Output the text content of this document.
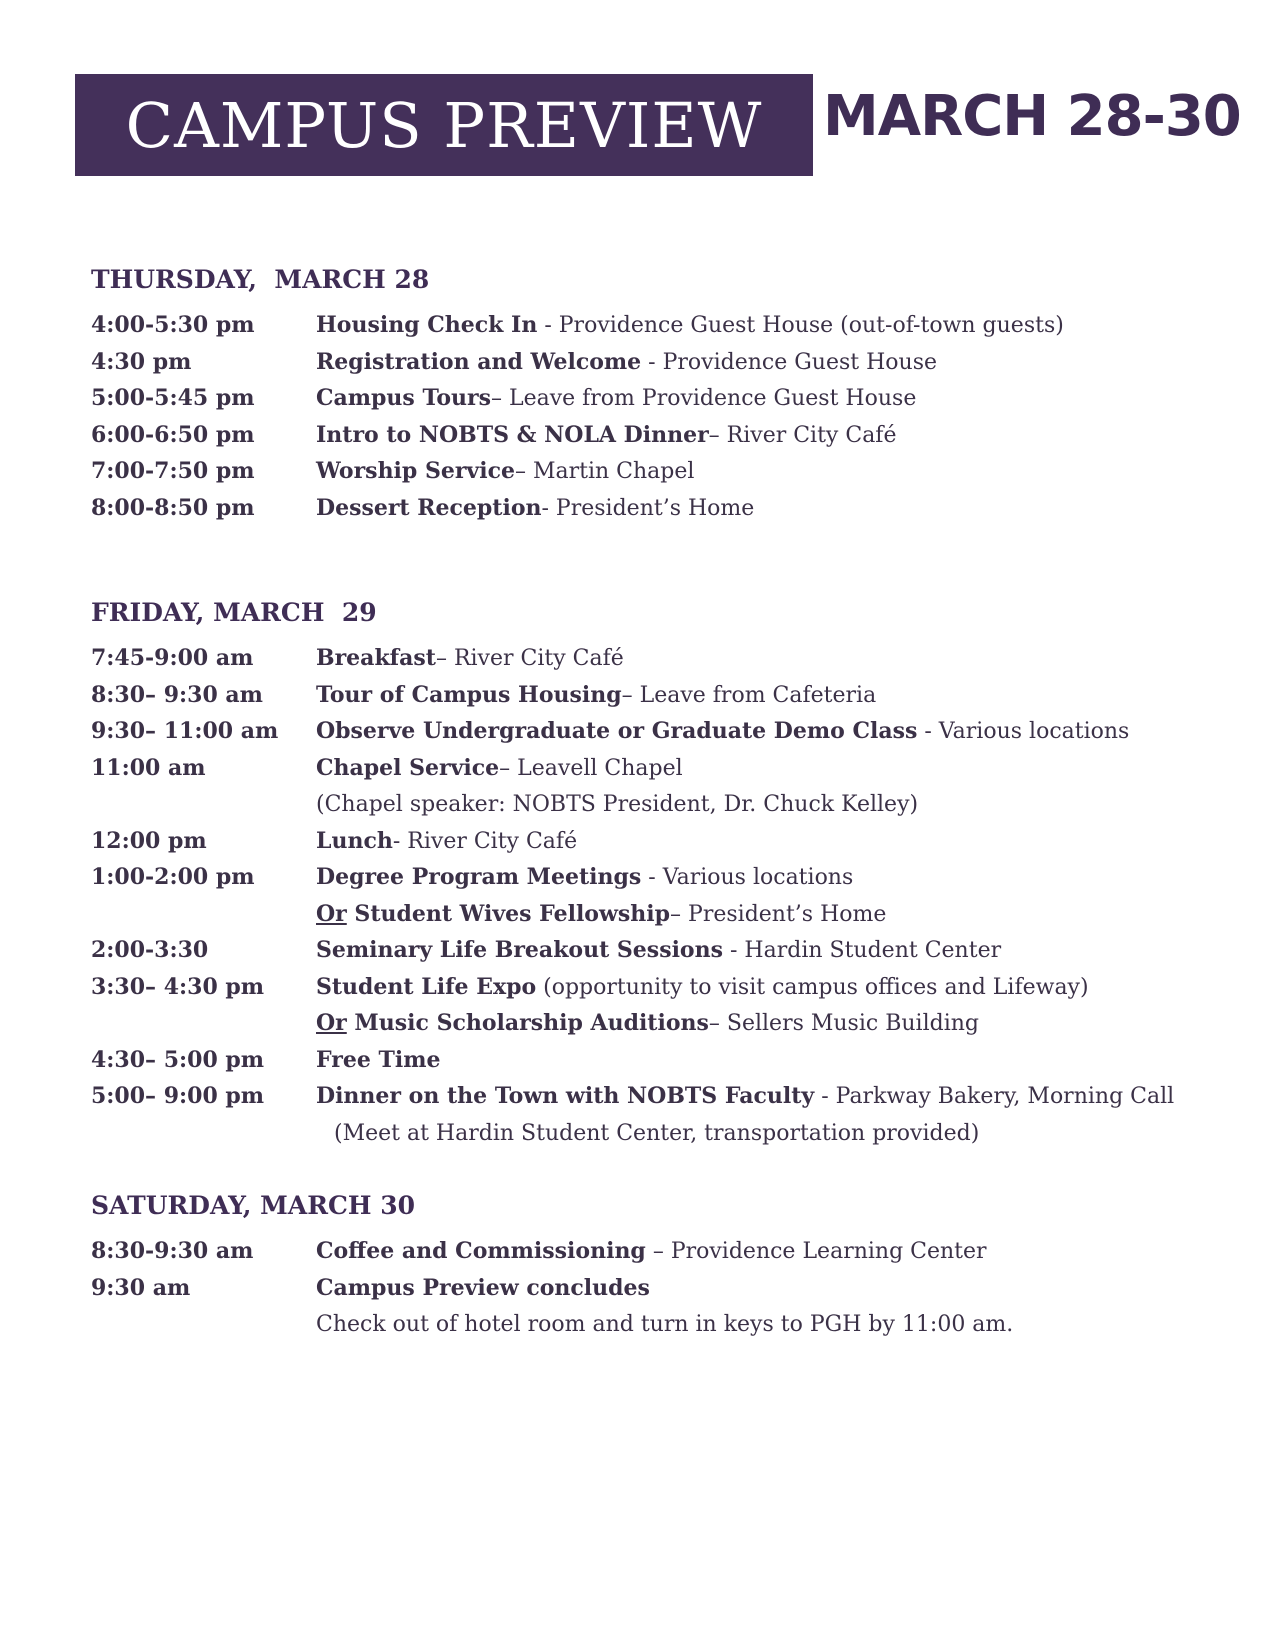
CAMPUS PREVIEW MARCH 28-30
THURSDAY,  MARCH 28
4:00-5:30 pm	Housing Check In - Providence Guest House (out-of-town guests)
4:30 pm	Registration and Welcome - Providence Guest House
5:00-5:45 pm	Campus Tours– Leave from Providence Guest House
6:00-6:50 pm	Intro to NOBTS & NOLA Dinner– River City Café
7:00-7:50 pm	Worship Service– Martin Chapel
8:00-8:50 pm	Dessert Reception- President’s Home
FRIDAY, MARCH  29
7:45-9:00 am	Breakfast– River City Café
8:30– 9:30 am	Tour of Campus Housing– Leave from Cafeteria
9:30– 11:00 am	Observe Undergraduate or Graduate Demo Class - Various locations
11:00 am	Chapel Service– Leavell Chapel
(Chapel speaker: NOBTS President, Dr. Chuck Kelley)
12:00 pm	Lunch- River City Café
1:00-2:00 pm	Degree Program Meetings - Various locations
Or Student Wives Fellowship– President’s Home
2:00-3:30	Seminary Life Breakout Sessions - Hardin Student Center
3:30– 4:30 pm	Student Life Expo (opportunity to visit campus offices and Lifeway)
Or Music Scholarship Auditions– Sellers Music Building
4:30– 5:00 pm	Free Time
5:00– 9:00 pm	Dinner on the Town with NOBTS Faculty - Parkway Bakery, Morning Call
(Meet at Hardin Student Center, transportation provided)
SATURDAY, MARCH 30
8:30-9:30 am	Coffee and Commissioning – Providence Learning Center
9:30 am	Campus Preview concludes
Check out of hotel room and turn in keys to PGH by 11:00 am.
